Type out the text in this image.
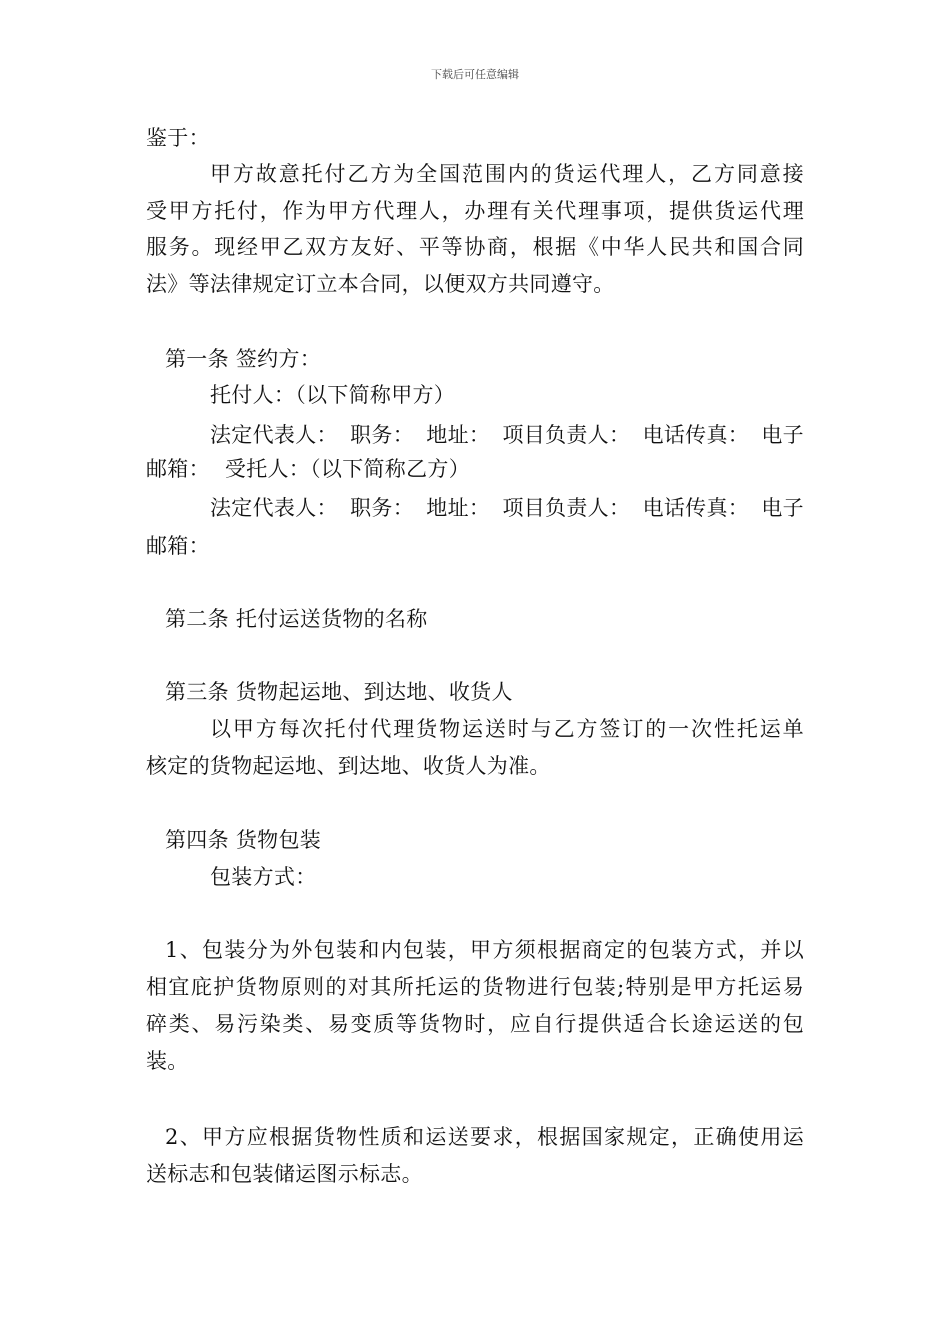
下载后可任意编辑
鉴于：
甲方故意托付乙方为全国范围内的货运代理人，乙方同意接
受甲方托付，作为甲方代理人，办理有关代理事项，提供货运代理
服务。现经甲乙双方友好、平等协商，根据《中华人民共和国合同
法》等法律规定订立本合同，以便双方共同遵守。
第一条 签约方：
托付人：（以下简称甲方）
法定代表人： 职务： 地址： 项目负责人： 电话传真： 电子
邮箱： 受托人：（以下简称乙方）
法定代表人： 职务： 地址： 项目负责人： 电话传真： 电子
邮箱：
第二条 托付运送货物的名称
第三条 货物起运地、到达地、收货人
以甲方每次托付代理货物运送时与乙方签订的一次性托运单
核定的货物起运地、到达地、收货人为准。
第四条 货物包装
包装方式：
1、包装分为外包装和内包装，甲方须根据商定的包装方式，并以
相宜庇护货物原则的对其所托运的货物进行包装;特别是甲方托运易
碎类、易污染类、易变质等货物时，应自行提供适合长途运送的包
装。
2、甲方应根据货物性质和运送要求，根据国家规定，正确使用运
送标志和包装储运图示标志。
